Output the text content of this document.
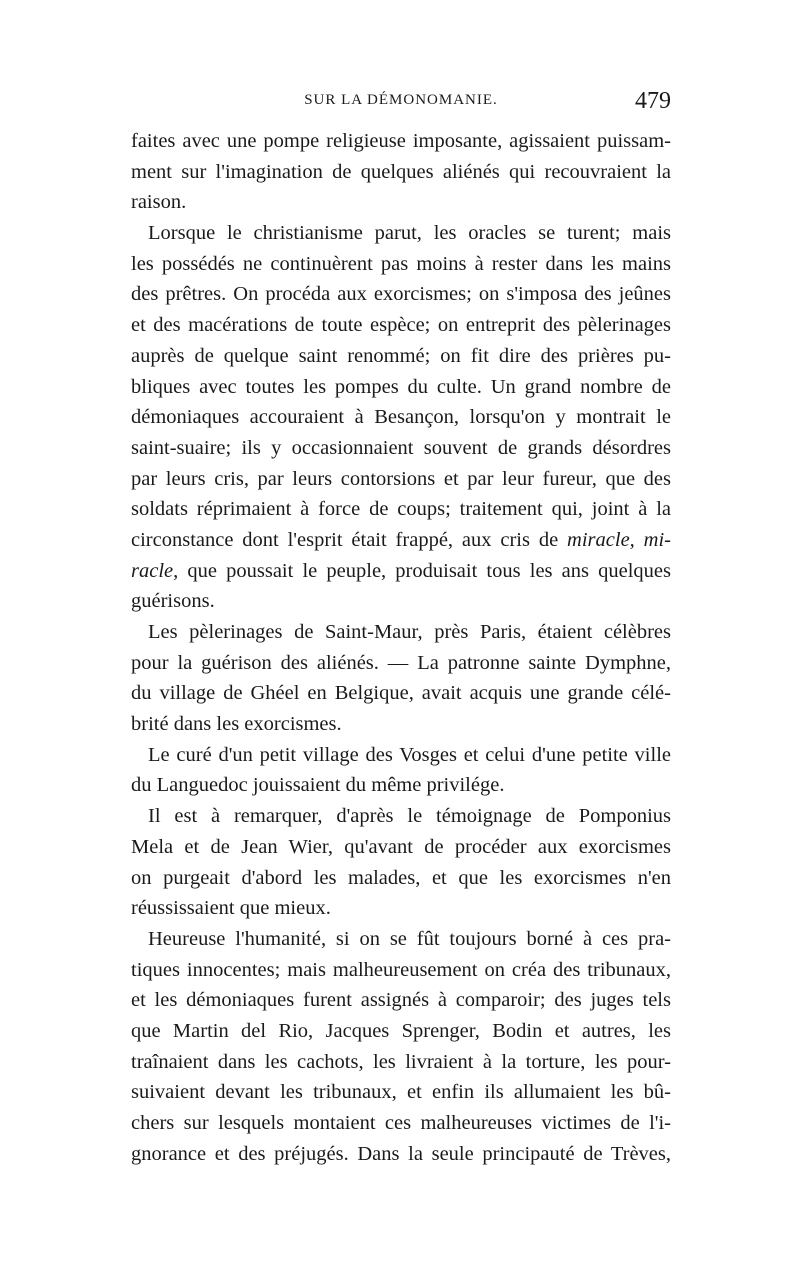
SUR LA DÉMONOMANIE.	479
faites avec une pompe religieuse imposante, agissaient puissam-
ment sur l'imagination de quelques aliénés qui recouvraient la
raison.
Lorsque le christianisme parut, les oracles se turent; mais
les possédés ne continuèrent pas moins à rester dans les mains
des prêtres. On procéda aux exorcismes; on s'imposa des jeûnes
et des macérations de toute espèce; on entreprit des pèlerinages
auprès de quelque saint renommé; on fit dire des prières pu-
bliques avec toutes les pompes du culte. Un grand nombre de
démoniaques accouraient à Besançon, lorsqu'on y montrait le
saint-suaire; ils y occasionnaient souvent de grands désordres
par leurs cris, par leurs contorsions et par leur fureur, que des
soldats réprimaient à force de coups; traitement qui, joint à la
circonstance dont l'esprit était frappé, aux cris de miracle, mi-
racle, que poussait le peuple, produisait tous les ans quelques
guérisons.
Les pèlerinages de Saint-Maur, près Paris, étaient célèbres
pour la guérison des aliénés. — La patronne sainte Dymphne,
du village de Ghéel en Belgique, avait acquis une grande célé-
brité dans les exorcismes.
Le curé d'un petit village des Vosges et celui d'une petite ville
du Languedoc jouissaient du même privilége.
Il est à remarquer, d'après le témoignage de Pomponius
Mela et de Jean Wier, qu'avant de procéder aux exorcismes
on purgeait d'abord les malades, et que les exorcismes n'en
réussissaient que mieux.
Heureuse l'humanité, si on se fût toujours borné à ces pra-
tiques innocentes; mais malheureusement on créa des tribunaux,
et les démoniaques furent assignés à comparoir; des juges tels
que Martin del Rio, Jacques Sprenger, Bodin et autres, les
traînaient dans les cachots, les livraient à la torture, les pour-
suivaient devant les tribunaux, et enfin ils allumaient les bû-
chers sur lesquels montaient ces malheureuses victimes de l'i-
gnorance et des préjugés. Dans la seule principauté de Trèves,
